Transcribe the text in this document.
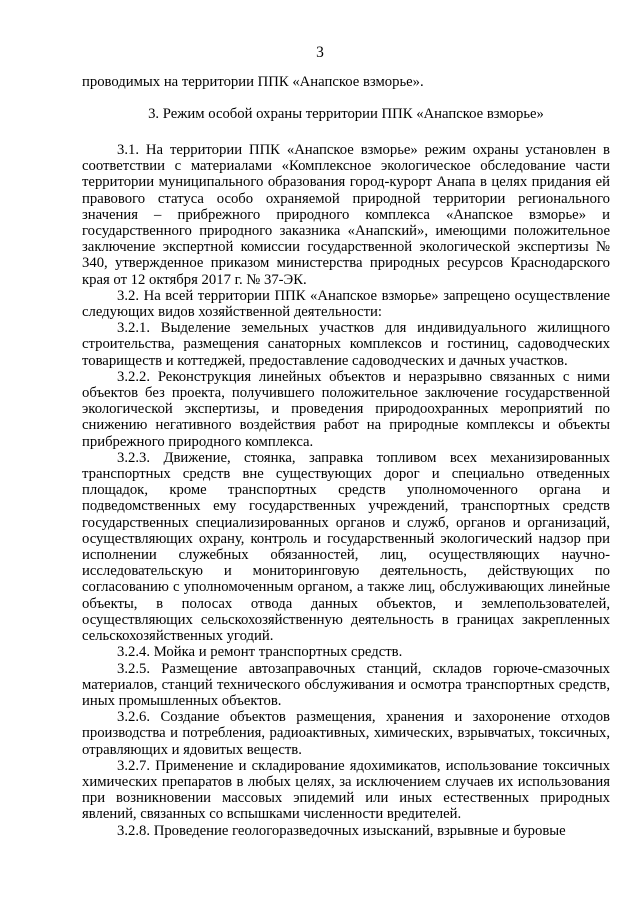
3
проводимых на территории ППК «Анапское взморье».
3. Режим особой охраны территории ППК «Анапское взморье»

3.1. На территории ППК «Анапское взморье» режим охраны установлен в соответствии с материалами «Комплексное экологическое обследование части территории муниципального образования город-курорт Анапа в целях придания ей правового статуса особо охраняемой природной территории регионального значения – прибрежного природного комплекса «Анапское взморье» и государственного природного заказника «Анапский», имеющими положительное заключение экспертной комиссии государственной экологической экспертизы № 340, утвержденное приказом министерства природных ресурсов Краснодарского края от 12 октября 2017 г. № 37-ЭК.

3.2. На всей территории ППК «Анапское взморье» запрещено осуществление следующих видов хозяйственной деятельности:

3.2.1. Выделение земельных участков для индивидуального жилищного строительства, размещения санаторных комплексов и гостиниц, садоводческих товариществ и коттеджей, предоставление садоводческих и дачных участков.

3.2.2. Реконструкция линейных объектов и неразрывно связанных с ними объектов без проекта, получившего положительное заключение государственной экологической экспертизы, и проведения природоохранных мероприятий по снижению негативного воздействия работ на природные комплексы и объекты прибрежного природного комплекса.

3.2.3. Движение, стоянка, заправка топливом всех механизированных транспортных средств вне существующих дорог и специально отведенных площадок, кроме транспортных средств уполномоченного органа и подведомственных ему государственных учреждений, транспортных средств государственных специализированных органов и служб, органов и организаций, осуществляющих охрану, контроль и государственный экологический надзор при исполнении служебных обязанностей, лиц, осуществляющих научно-исследовательскую и мониторинговую деятельность, действующих по согласованию с уполномоченным органом, а также лиц, обслуживающих линейные объекты, в полосах отвода данных объектов, и землепользователей, осуществляющих сельскохозяйственную деятельность в границах закрепленных сельскохозяйственных угодий.

3.2.4. Мойка и ремонт транспортных средств.

3.2.5. Размещение автозаправочных станций, складов горюче-смазочных материалов, станций технического обслуживания и осмотра транспортных средств, иных промышленных объектов.

3.2.6. Создание объектов размещения, хранения и захоронение отходов производства и потребления, радиоактивных, химических, взрывчатых, токсичных, отравляющих и ядовитых веществ.

3.2.7. Применение и складирование ядохимикатов, использование токсичных химических препаратов в любых целях, за исключением случаев их использования при возникновении массовых эпидемий или иных естественных природных явлений, связанных со вспышками численности вредителей.

3.2.8. Проведение геологоразведочных изысканий, взрывные и буровые
